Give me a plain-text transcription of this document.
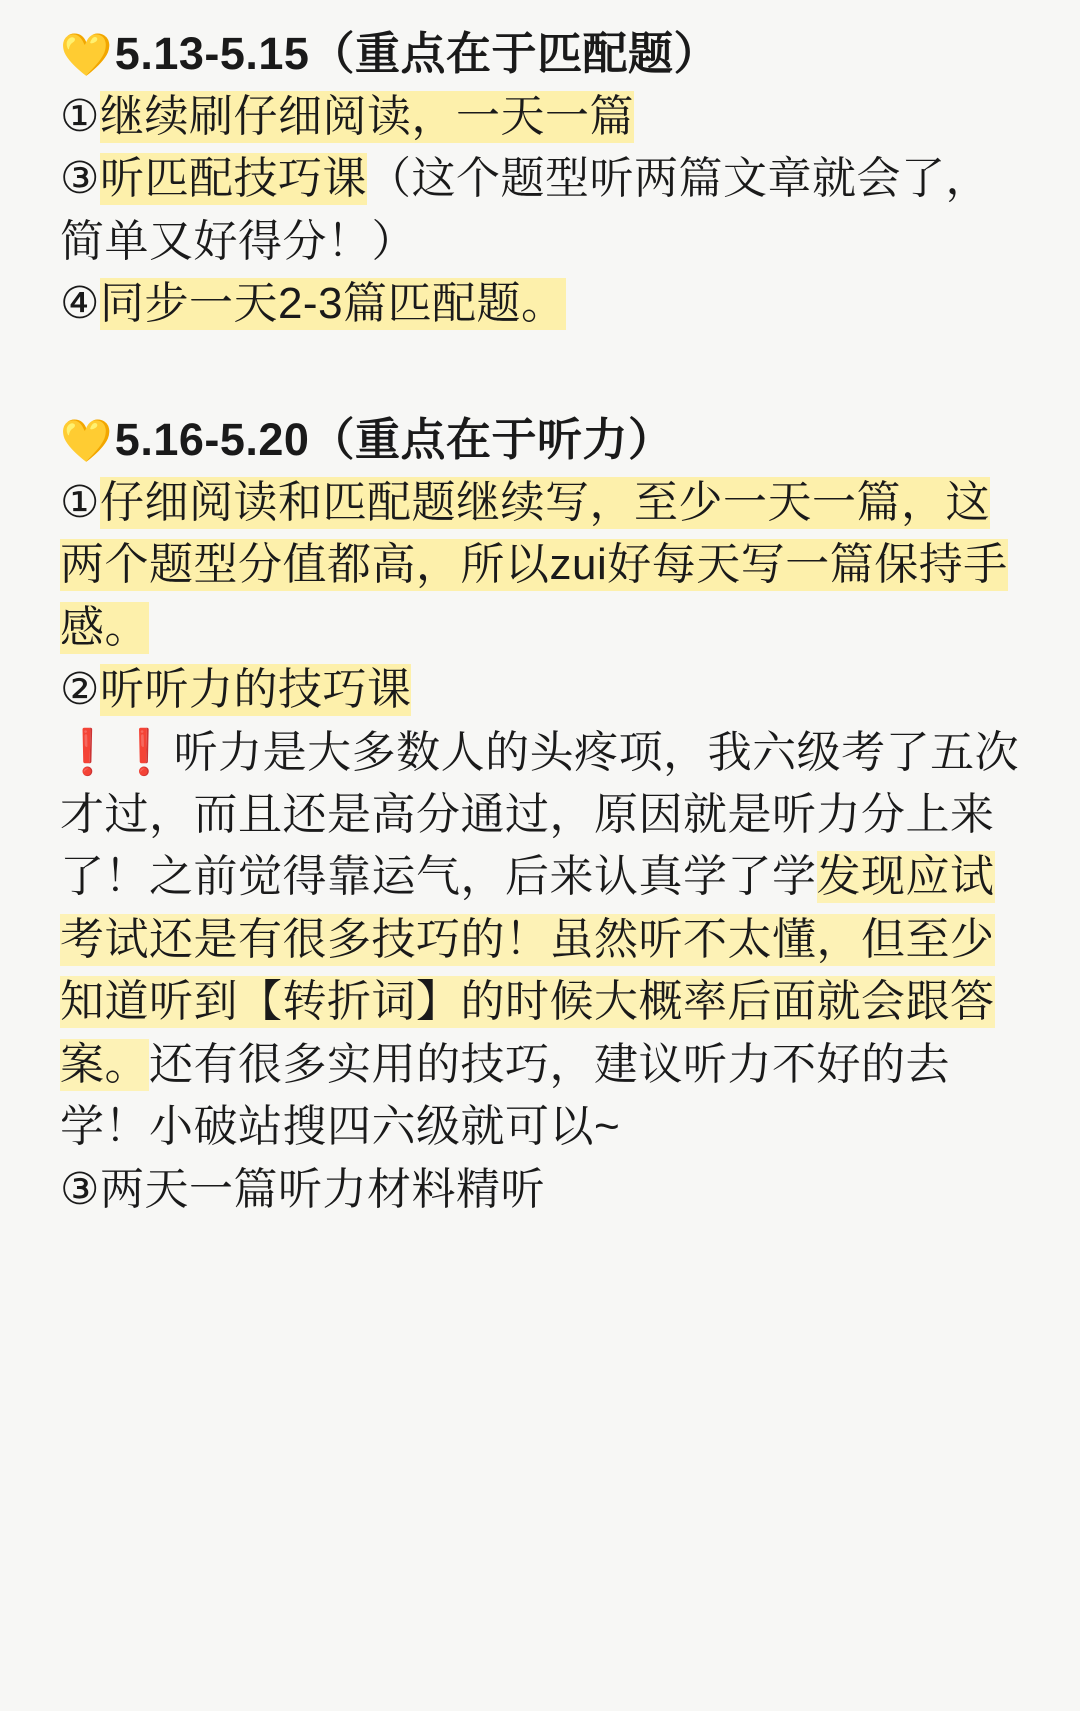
💛5.13-5.15（重点在于匹配题）
①继续刷仔细阅读，一天一篇
③听匹配技巧课（这个题型听两篇文章就会了，简单又好得分！）
④同步一天2-3篇匹配题。
💛5.16-5.20（重点在于听力）
①仔细阅读和匹配题继续写，至少一天一篇，这两个题型分值都高，所以zui好每天写一篇保持手感。
②听听力的技巧课
❗❗听力是大多数人的头疼项，我六级考了五次才过，而且还是高分通过，原因就是听力分上来了！之前觉得靠运气，后来认真学了学发现应试考试还是有很多技巧的！虽然听不太懂，但至少知道听到【转折词】的时候大概率后面就会跟答案。还有很多实用的技巧，建议听力不好的去学！小破站搜四六级就可以~
③两天一篇听力材料精听
